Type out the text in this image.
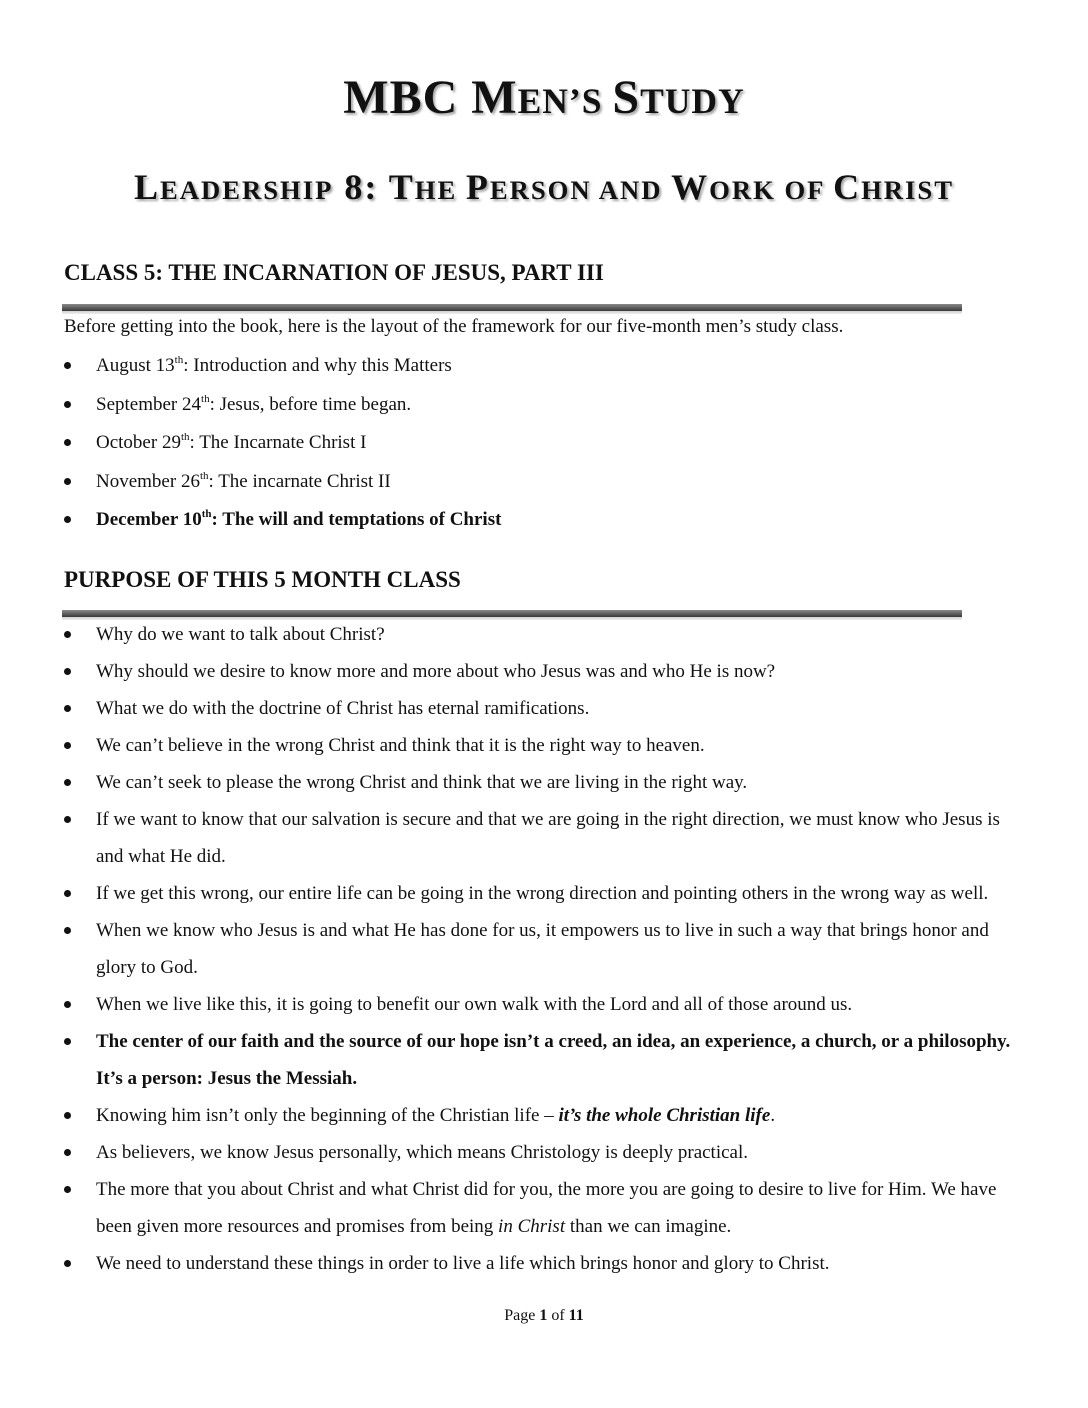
MBC MEN’S STUDY
LEADERSHIP 8: THE PERSON AND WORK OF CHRIST
CLASS 5: THE INCARNATION OF JESUS, PART III

Before getting into the book, here is the layout of the framework for our five-month men’s study class.

August 13th: Introduction and why this Matters
September 24th: Jesus, before time began.
October 29th: The Incarnate Christ I
November 26th: The incarnate Christ II
December 10th: The will and temptations of Christ
PURPOSE OF THIS 5 MONTH CLASS
Why do we want to talk about Christ?
Why should we desire to know more and more about who Jesus was and who He is now?
What we do with the doctrine of Christ has eternal ramifications.
We can’t believe in the wrong Christ and think that it is the right way to heaven.
We can’t seek to please the wrong Christ and think that we are living in the right way.
If we want to know that our salvation is secure and that we are going in the right direction, we must know who Jesus is and what He did.
If we get this wrong, our entire life can be going in the wrong direction and pointing others in the wrong way as well.
When we know who Jesus is and what He has done for us, it empowers us to live in such a way that brings honor and glory to God.
When we live like this, it is going to benefit our own walk with the Lord and all of those around us.
The center of our faith and the source of our hope isn’t a creed, an idea, an experience, a church, or a philosophy. It’s a person: Jesus the Messiah.
Knowing him isn’t only the beginning of the Christian life – it’s the whole Christian life.
As believers, we know Jesus personally, which means Christology is deeply practical.
The more that you about Christ and what Christ did for you, the more you are going to desire to live for Him. We have been given more resources and promises from being in Christ than we can imagine.
We need to understand these things in order to live a life which brings honor and glory to Christ.
Page 1 of 11
